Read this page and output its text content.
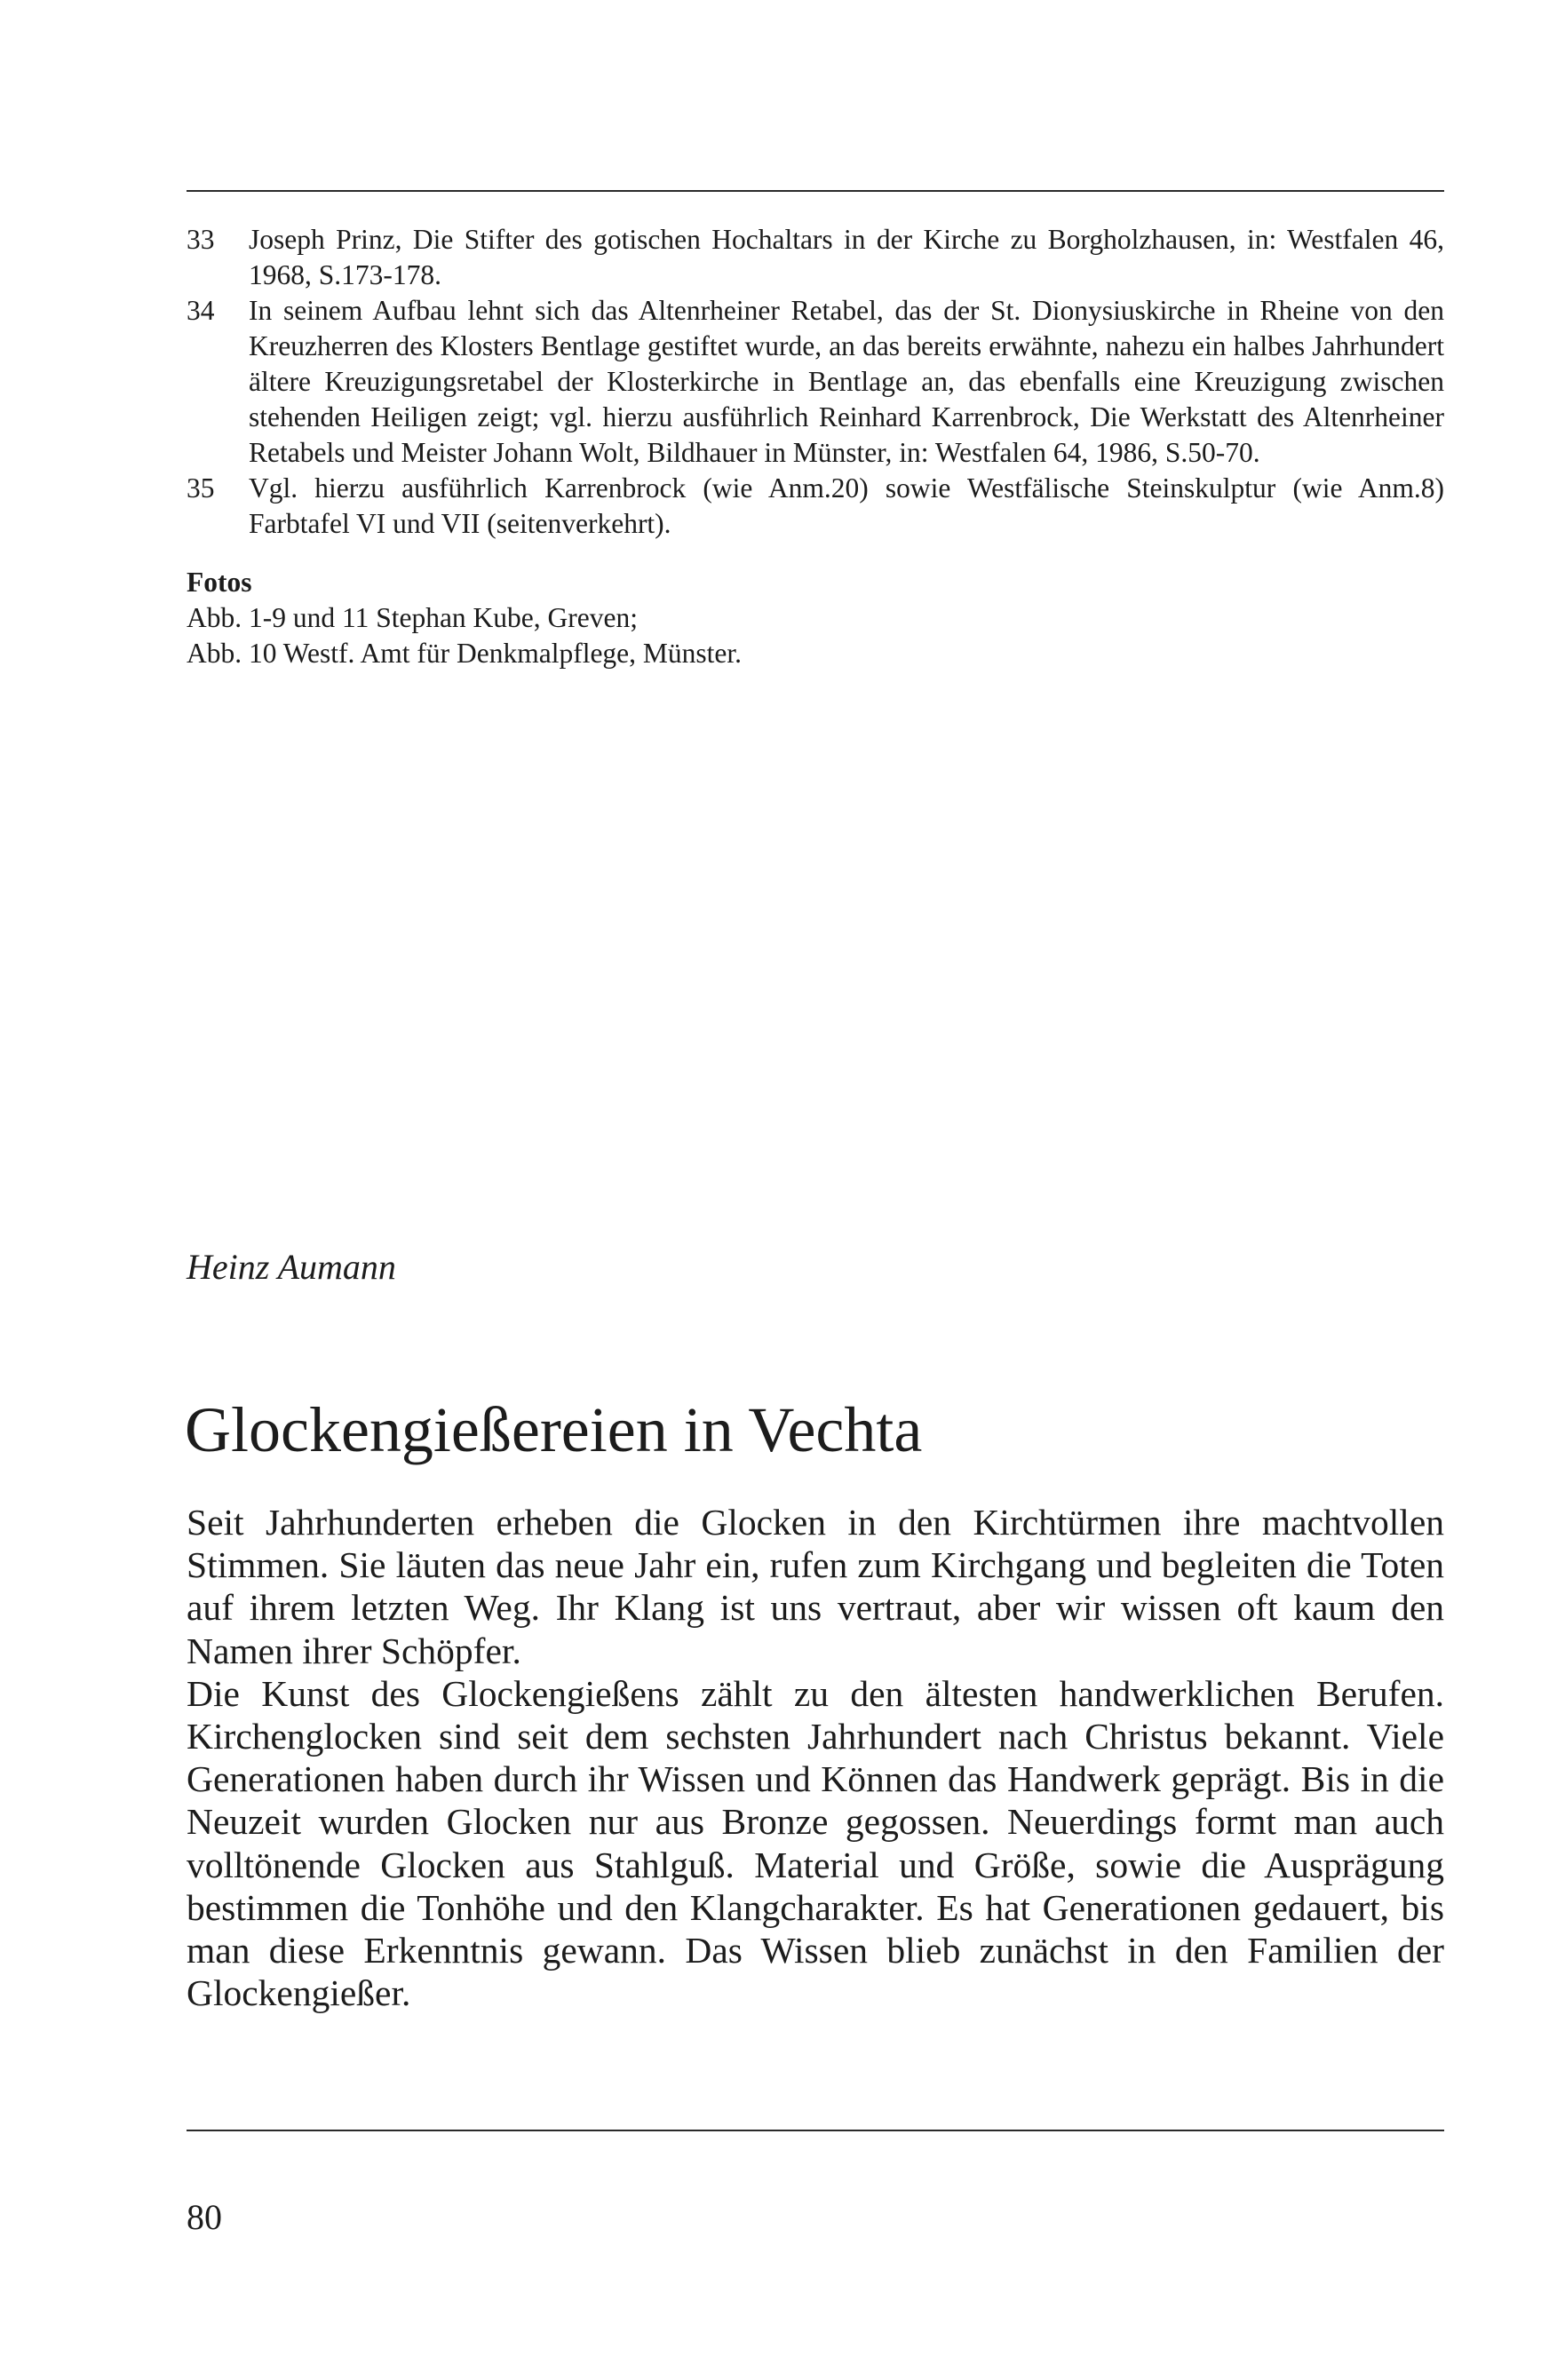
33 Joseph Prinz, Die Stifter des gotischen Hochaltars in der Kirche zu Borgholzhausen, in: Westfalen 46, 1968, S.173-178.

34 In seinem Aufbau lehnt sich das Altenrheiner Retabel, das der St. Dionysiuskirche in Rheine von den Kreuzherren des Klosters Bentlage gestiftet wurde, an das bereits erwähnte, nahezu ein halbes Jahrhundert ältere Kreuzigungsretabel der Klosterkirche in Bentlage an, das ebenfalls eine Kreuzigung zwischen stehenden Heiligen zeigt; vgl. hierzu ausführlich Reinhard Karrenbrock, Die Werkstatt des Altenrheiner Retabels und Meister Johann Wolt, Bildhauer in Münster, in: Westfalen 64, 1986, S.50-70.

35 Vgl. hierzu ausführlich Karrenbrock (wie Anm.20) sowie Westfälische Steinskulptur (wie Anm.8) Farbtafel VI und VII (seitenverkehrt).

Fotos
Abb. 1-9 und 11 Stephan Kube, Greven;
Abb. 10 Westf. Amt für Denkmalpflege, Münster.
Heinz Aumann
Glockengießereien in Vechta

Seit Jahrhunderten erheben die Glocken in den Kirchtürmen ihre machtvollen Stimmen. Sie läuten das neue Jahr ein, rufen zum Kirchgang und begleiten die Toten auf ihrem letzten Weg. Ihr Klang ist uns vertraut, aber wir wissen oft kaum den Namen ihrer Schöpfer.

Die Kunst des Glockengießens zählt zu den ältesten handwerklichen Berufen. Kirchenglocken sind seit dem sechsten Jahrhundert nach Christus bekannt. Viele Generationen haben durch ihr Wissen und Können das Handwerk geprägt. Bis in die Neuzeit wurden Glocken nur aus Bronze gegossen. Neuerdings formt man auch volltönende Glocken aus Stahlguß. Material und Größe, sowie die Ausprägung bestimmen die Tonhöhe und den Klangcharakter. Es hat Generationen gedauert, bis man diese Erkenntnis gewann. Das Wissen blieb zunächst in den Familien der Glockengießer.

80
